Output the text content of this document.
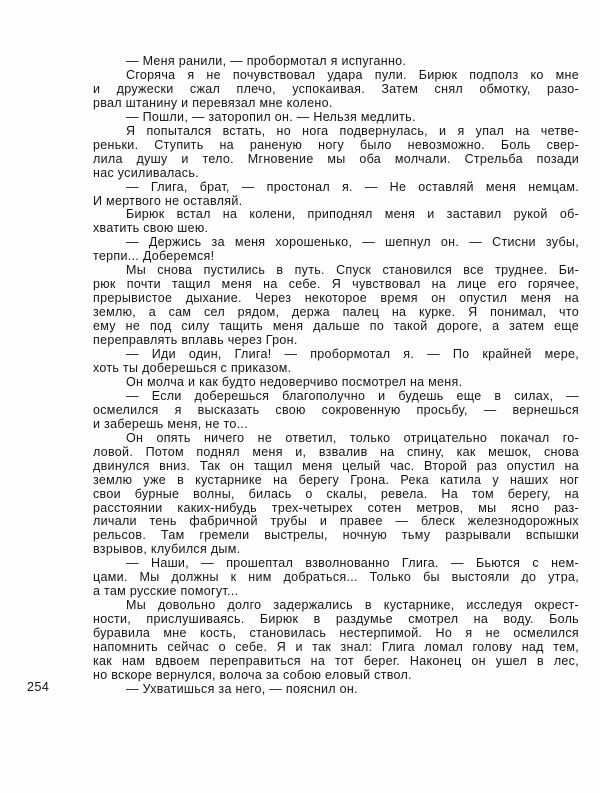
254
— Меня ранили, — пробормотал я испуганно.
Сгоряча я не почувствовал удара пули. Бирюк подполз ко мне
и дружески сжал плечо, успокаивая. Затем снял обмотку, разо-
рвал штанину и перевязал мне колено.
— Пошли, — заторопил он. — Нельзя медлить.
Я попытался встать, но нога подвернулась, и я упал на четве-
реньки. Ступить на раненую ногу было невозможно. Боль свер-
лила душу и тело. Мгновение мы оба молчали. Стрельба позади
нас усиливалась.
— Глига, брат, — простонал я. — Не оставляй меня немцам.
И мертвого не оставляй.
Бирюк встал на колени, приподнял меня и заставил рукой об-
хватить свою шею.
— Держись за меня хорошенько, — шепнул он. — Стисни зубы,
терпи... Доберемся!
Мы снова пустились в путь. Спуск становился все труднее. Би-
рюк почти тащил меня на себе. Я чувствовал на лице его горячее,
прерывистое дыхание. Через некоторое время он опустил меня на
землю, а сам сел рядом, держа палец на курке. Я понимал, что
ему не под силу тащить меня дальше по такой дороге, а затем еще
переправлять вплавь через Грон.
— Иди один, Глига! — пробормотал я. — По крайней мере,
хоть ты доберешься с приказом.
Он молча и как будто недоверчиво посмотрел на меня.
— Если доберешься благополучно и будешь еще в силах, —
осмелился я высказать свою сокровенную просьбу, — вернешься
и заберешь меня, не то...
Он опять ничего не ответил, только отрицательно покачал го-
ловой. Потом поднял меня и, взвалив на спину, как мешок, снова
двинулся вниз. Так он тащил меня целый час. Второй раз опустил на
землю уже в кустарнике на берегу Грона. Река катила у наших ног
свои бурные волны, билась о скалы, ревела. На том берегу, на
расстоянии каких-нибудь трех-четырех сотен метров, мы ясно раз-
личали тень фабричной трубы и правее — блеск железнодорожных
рельсов. Там гремели выстрелы, ночную тьму разрывали вспышки
взрывов, клубился дым.
— Наши, — прошептал взволнованно Глига. — Бьются с нем-
цами. Мы должны к ним добраться... Только бы выстояли до утра,
а там русские помогут...
Мы довольно долго задержались в кустарнике, исследуя окрест-
ности, прислушиваясь. Бирюк в раздумье смотрел на воду. Боль
буравила мне кость, становилась нестерпимой. Но я не осмелился
напомнить сейчас о себе. Я и так знал: Глига ломал голову над тем,
как нам вдвоем переправиться на тот берег. Наконец он ушел в лес,
но вскоре вернулся, волоча за собою еловый ствол.
— Ухватишься за него, — пояснил он.
